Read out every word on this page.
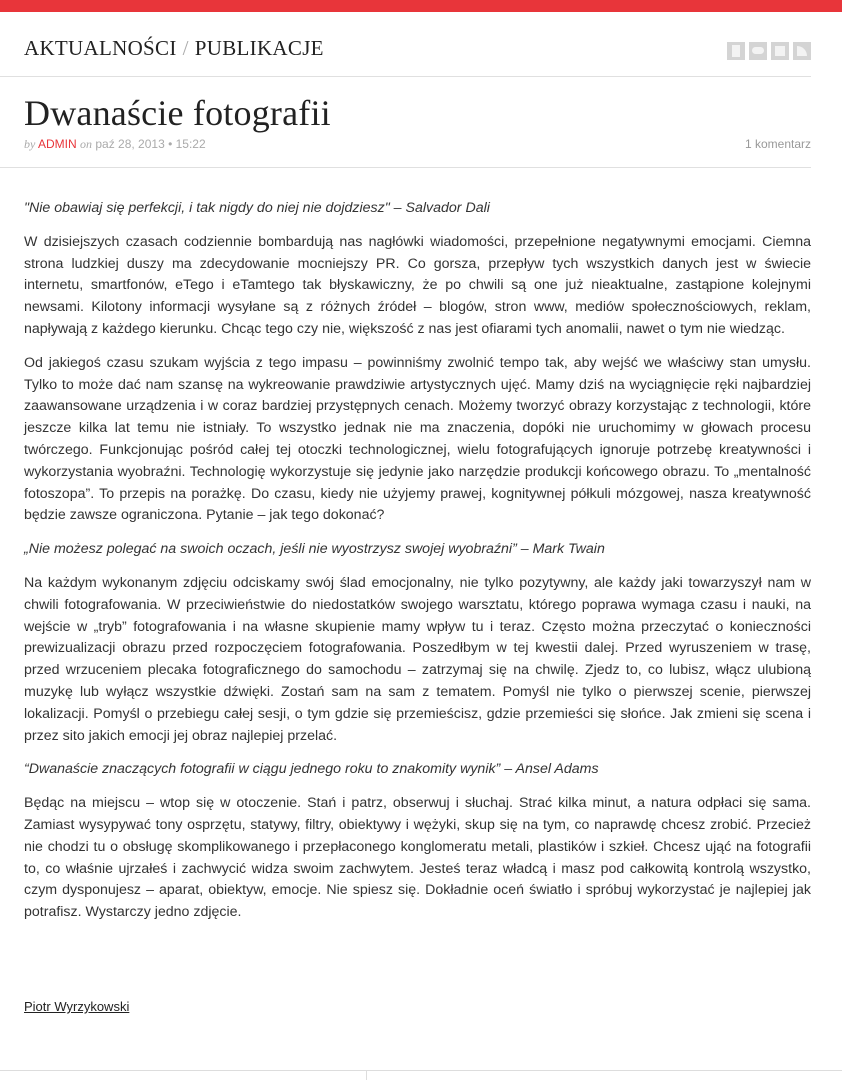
AKTUALNOŚCI / PUBLIKACJE
Dwanaście fotografii
by ADMIN on paź 28, 2013 • 15:22	1 komentarz

"Nie obawiaj się perfekcji, i tak nigdy do niej nie dojdziesz" – Salvador Dali

W dzisiejszych czasach codziennie bombardują nas nagłówki wiadomości, przepełnione negatywnymi emocjami. Ciemna strona ludzkiej duszy ma zdecydowanie mocniejszy PR. Co gorsza, przepływ tych wszystkich danych jest w świecie internetu, smartfonów, eTego i eTamtego tak błyskawiczny, że po chwili są one już nieaktualne, zastąpione kolejnymi newsami. Kilotony informacji wysyłane są z różnych źródeł – blogów, stron www, mediów społecznościowych, reklam, napływają z każdego kierunku. Chcąc tego czy nie, większość z nas jest ofiarami tych anomalii, nawet o tym nie wiedząc.

Od jakiegoś czasu szukam wyjścia z tego impasu – powinniśmy zwolnić tempo tak, aby wejść we właściwy stan umysłu. Tylko to może dać nam szansę na wykreowanie prawdziwie artystycznych ujęć. Mamy dziś na wyciągnięcie ręki najbardziej zaawansowane urządzenia i w coraz bardziej przystępnych cenach. Możemy tworzyć obrazy korzystając z technologii, które jeszcze kilka lat temu nie istniały. To wszystko jednak nie ma znaczenia, dopóki nie uruchomimy w głowach procesu twórczego. Funkcjonując pośród całej tej otoczki technologicznej, wielu fotografujących ignoruje potrzebę kreatywności i wykorzystania wyobraźni. Technologię wykorzystuje się jedynie jako narzędzie produkcji końcowego obrazu. To „mentalność fotoszopa”. To przepis na porażkę. Do czasu, kiedy nie użyjemy prawej, kognitywnej półkuli mózgowej, nasza kreatywność będzie zawsze ograniczona. Pytanie – jak tego dokonać?

„Nie możesz polegać na swoich oczach, jeśli nie wyostrzysz swojej wyobraźni” – Mark Twain

Na każdym wykonanym zdjęciu odciskamy swój ślad emocjonalny, nie tylko pozytywny, ale każdy jaki towarzyszył nam w chwili fotografowania. W przeciwieństwie do niedostatków swojego warsztatu, którego poprawa wymaga czasu i nauki, na wejście w „tryb” fotografowania i na własne skupienie mamy wpływ tu i teraz. Często można przeczytać o konieczności prewizualizacji obrazu przed rozpoczęciem fotografowania. Poszedłbym w tej kwestii dalej. Przed wyruszeniem w trasę, przed wrzuceniem plecaka fotograficznego do samochodu – zatrzymaj się na chwilę. Zjedz to, co lubisz, włącz ulubioną muzykę lub wyłącz wszystkie dźwięki. Zostań sam na sam z tematem. Pomyśl nie tylko o pierwszej scenie, pierwszej lokalizacji. Pomyśl o przebiegu całej sesji, o tym gdzie się przemieścisz, gdzie przemieści się słońce. Jak zmieni się scena i przez sito jakich emocji jej obraz najlepiej przelać.

“Dwanaście znaczących fotografii w ciągu jednego roku to znakomity wynik” – Ansel Adams

Będąc na miejscu – wtop się w otoczenie. Stań i patrz, obserwuj i słuchaj. Strać kilka minut, a natura odpłaci się sama. Zamiast wysypywać tony osprzętu, statywy, filtry, obiektywy i wężyki, skup się na tym, co naprawdę chcesz zrobić. Przecież nie chodzi tu o obsługę skomplikowanego i przepłaconego konglomeratu metali, plastików i szkieł. Chcesz ująć na fotografii to, co właśnie ujrzałeś i zachwycić widza swoim zachwytem. Jesteś teraz władcą i masz pod całkowitą kontrolą wszystko, czym dysponujesz – aparat, obiektyw, emocje. Nie spiesz się. Dokładnie oceń światło i spróbuj wykorzystać je najlepiej jak potrafisz. Wystarczy jedno zdjęcie.

Piotr Wyrzykowski
